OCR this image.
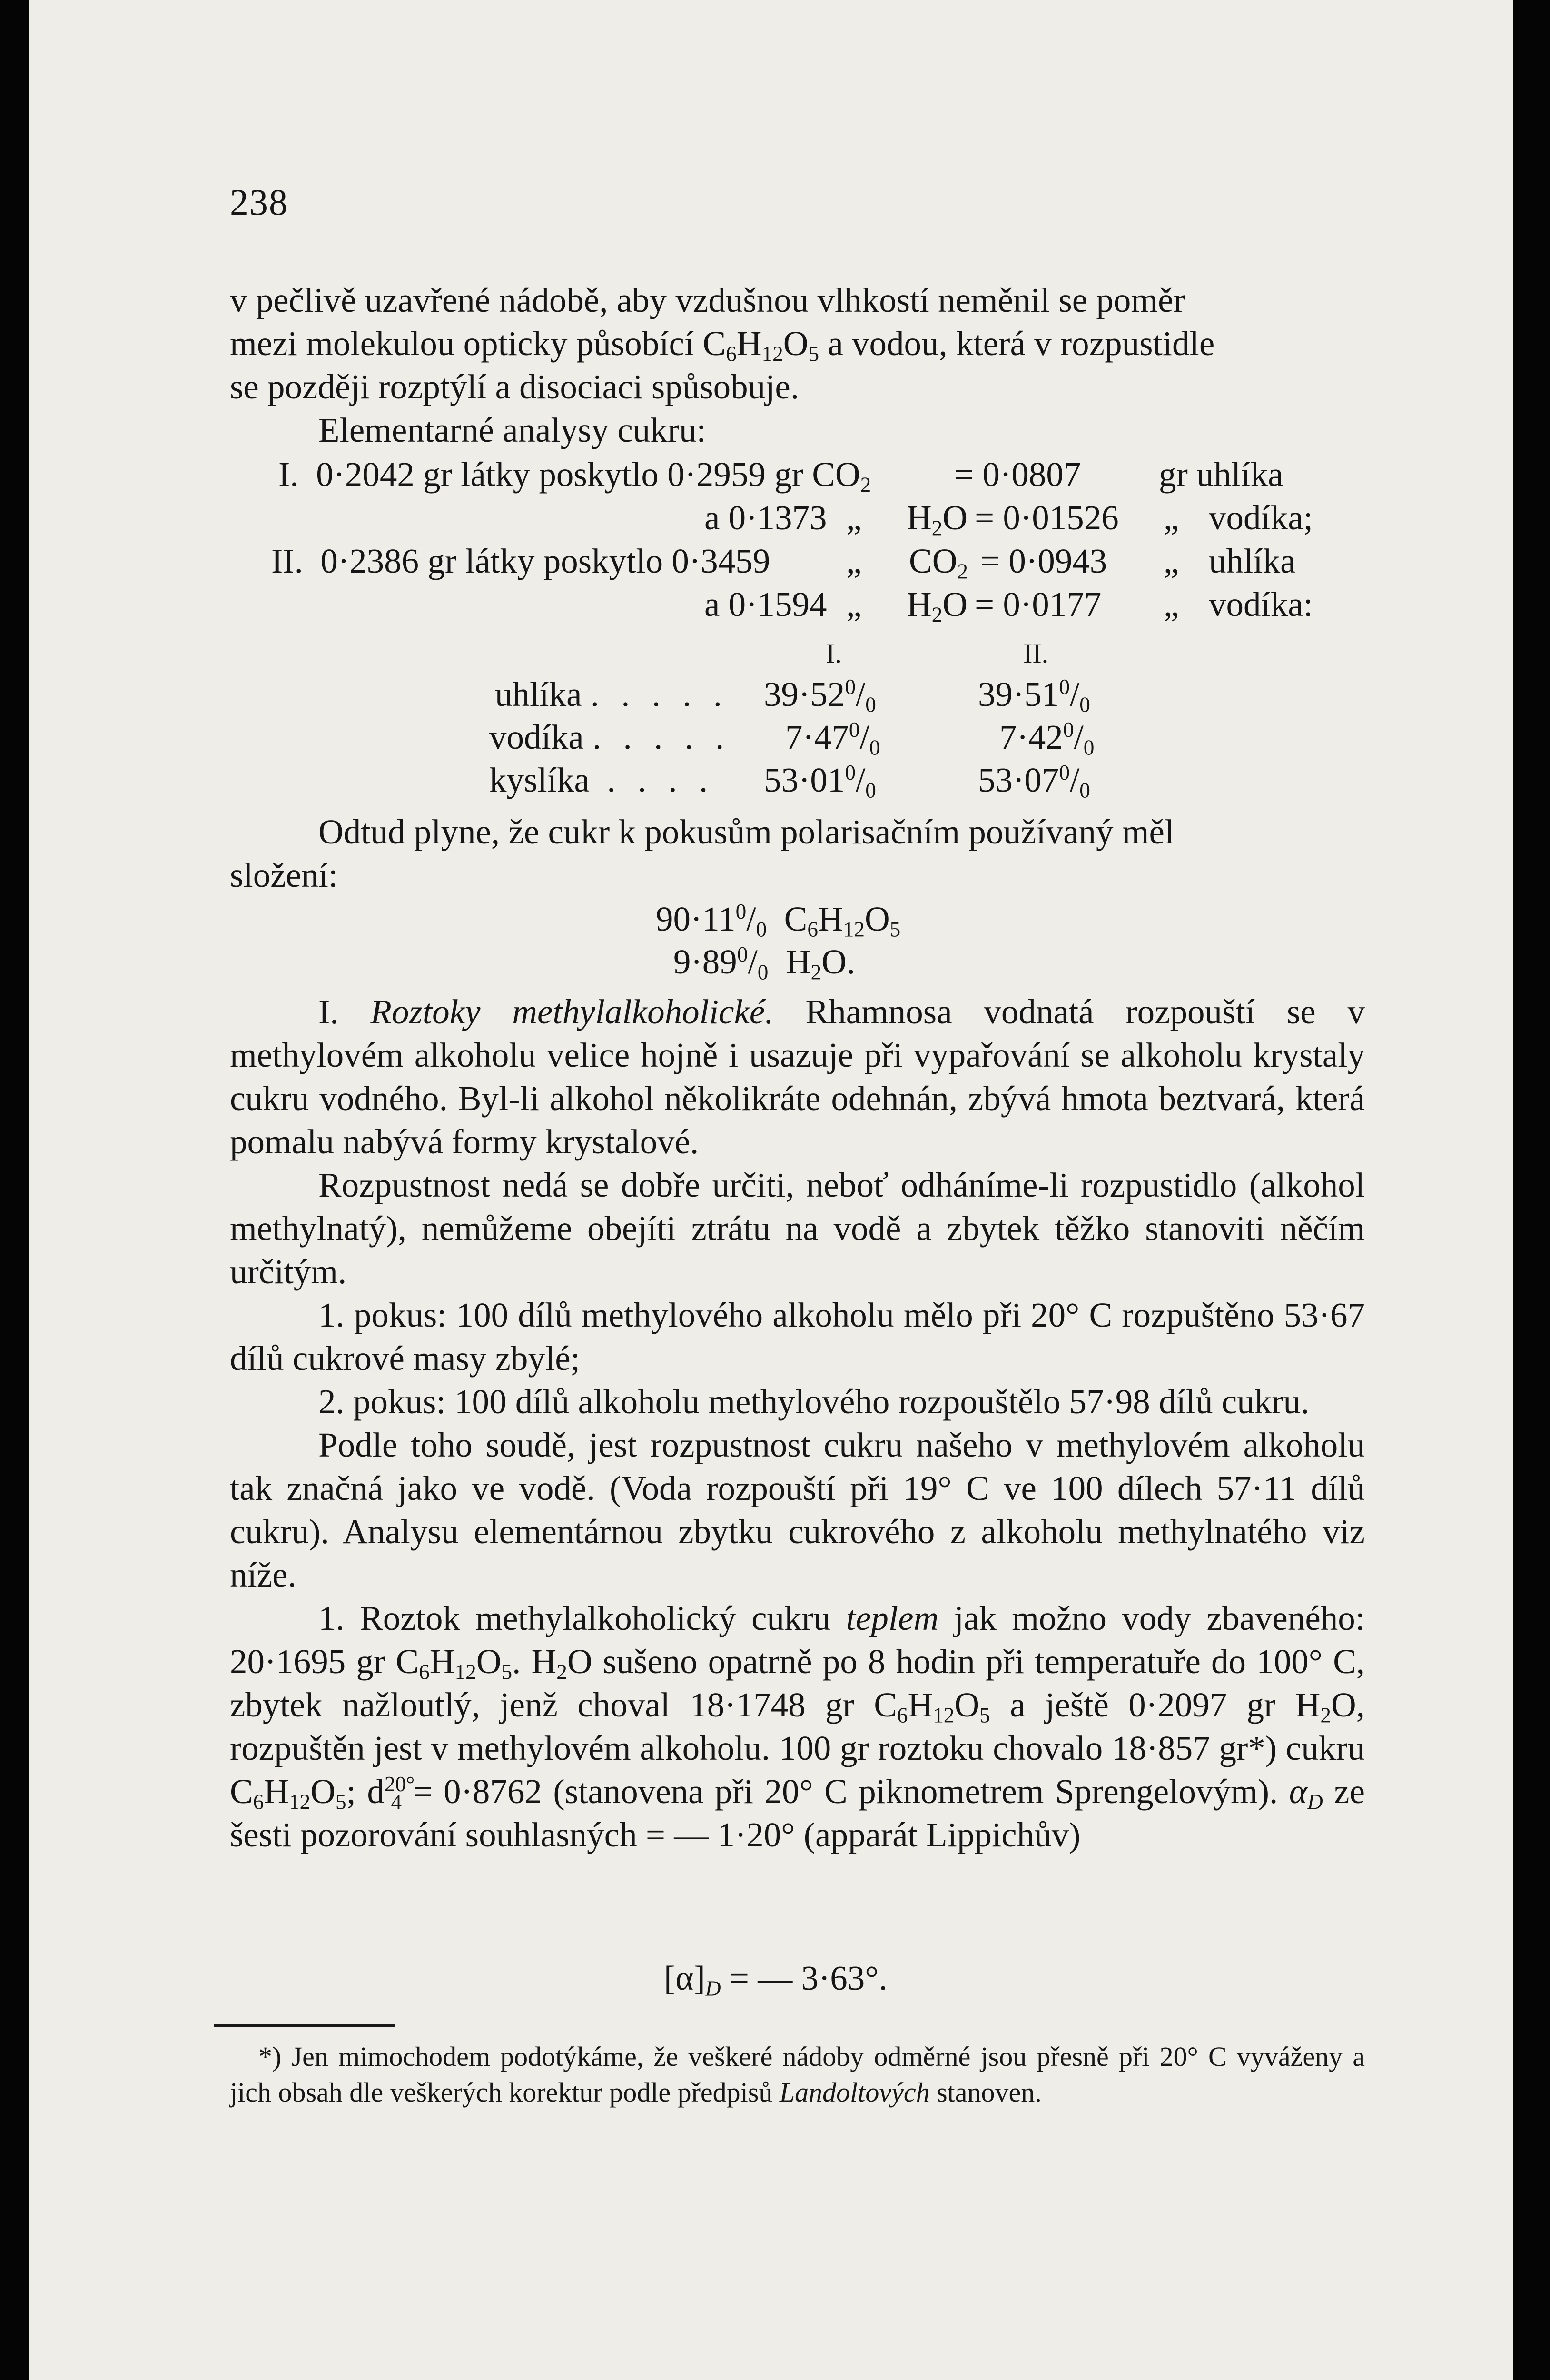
238
v pečlivě uzavřené nádobě, aby vzdušnou vlhkostí neměnil se poměr
mezi molekulou opticky působící $C_6H_{12}O_5$ a vodou, která v rozpustidle
se později rozptýlí a disociaci spůsobuje.
Elementarné analysy cukru:
I. 0·2042 gr látky poskytlo 0·2959 gr $CO_2 = 0\cdot 0807$ gr uhlíka
a 0·1373 „ $H_2O = 0\cdot 01526$ „ vodíka;
II. 0·2386 gr látky poskytlo 0·3459 „ $CO_2 = 0\cdot 0943$ „ uhlíka
a 0·1594 „ $H_2O = 0\cdot 0177$ „ vodíka:
I.	II.
uhlíka . . . . . $39\cdot 52^0/_0$	$39\cdot 51^0/_0$
vodíka . . . . . $7\cdot 47^0/_0$	$7\cdot 42^0/_0$
kyslíka . . . . $53\cdot 01^0/_0$	$53\cdot 07^0/_0$
Odtud plyne, že cukr k pokusům polarisačním používaný měl
složení:
$90\cdot 11^0/_0$  $C_6H_{12}O_5$
$9\cdot 89^0/_0$  $H_2O$.

I. Roztoky methylalkoholické. Rhamnosa vodnatá rozpouští se v methylovém alkoholu velice hojně i usazuje při vypařování se alkoholu krystaly cukru vodného. Byl-li alkohol několikráte odehnán, zbývá hmota beztvará, která pomalu nabývá formy krystalové.

Rozpustnost nedá se dobře určiti, neboť odháníme-li rozpustidlo (alkohol methylnatý), nemůžeme obejíti ztrátu na vodě a zbytek těžko stanoviti něčím určitým.

1. pokus: 100 dílů methylového alkoholu mělo při 20° C rozpuštěno 53·67 dílů cukrové masy zbylé;

2. pokus: 100 dílů alkoholu methylového rozpouštělo 57·98 dílů cukru.

Podle toho soudě, jest rozpustnost cukru našeho v methylovém alkoholu tak značná jako ve vodě. (Voda rozpouští při 19° C ve 100 dílech 57·11 dílů cukru). Analysu elementárnou zbytku cukrového z alkoholu methylnatého viz níže.

1. Roztok methylalkoholický cukru teplem jak možno vody zbaveného: 20·1695 gr $C_6H_{12}O_5$. $H_2O$ sušeno opatrně po 8 hodin při temperatuře do 100° C, zbytek nažloutlý, jenž choval 18·1748 gr $C_6H_{12}O_5$ a ještě 0·2097 gr $H_2O$, rozpuštěn jest v methylovém alkoholu. 100 gr roztoku chovalo 18·857 gr*) cukru $C_6H_{12}O_5$; $d^{20^\circ}_4 = 0\cdot 8762$ (stanovena při 20° C piknometrem Sprengelovým). $\alpha_D$ ze šesti pozorování souhlasných = — 1·20° (apparát Lippichův)

$[\alpha]_D$ = — 3·63°.

*) Jen mimochodem podotýkáme, že veškeré nádoby odměrné jsou přesně při 20° C vyváženy a jich obsah dle veškerých korektur podle předpisů Landoltových stanoven.
